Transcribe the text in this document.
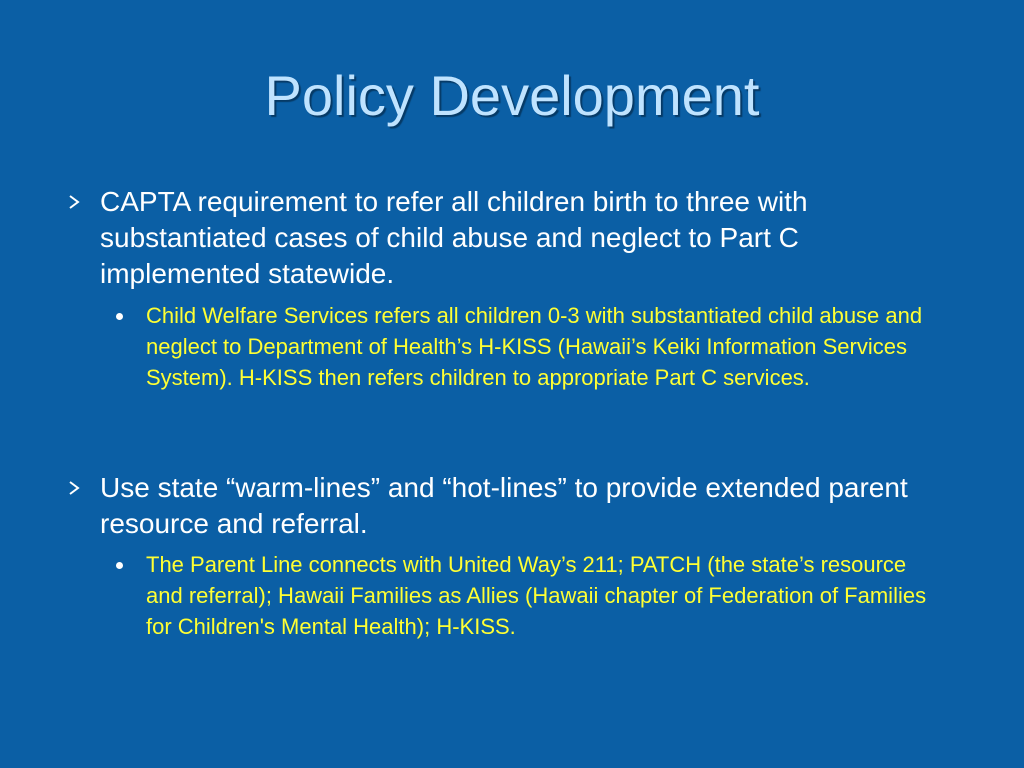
Policy Development
CAPTA requirement to refer all children birth to three with substantiated cases of child abuse and neglect to Part C implemented statewide.
Child Welfare Services refers all children 0-3 with substantiated child abuse and neglect to Department of Health’s H-KISS (Hawaii’s Keiki Information Services System). H-KISS then refers children to appropriate Part C services.
Use state “warm-lines” and “hot-lines” to provide extended parent resource and referral.
The Parent Line connects with United Way’s 211; PATCH (the state’s resource and referral); Hawaii Families as Allies (Hawaii chapter of Federation of Families for Children's Mental Health); H-KISS.
